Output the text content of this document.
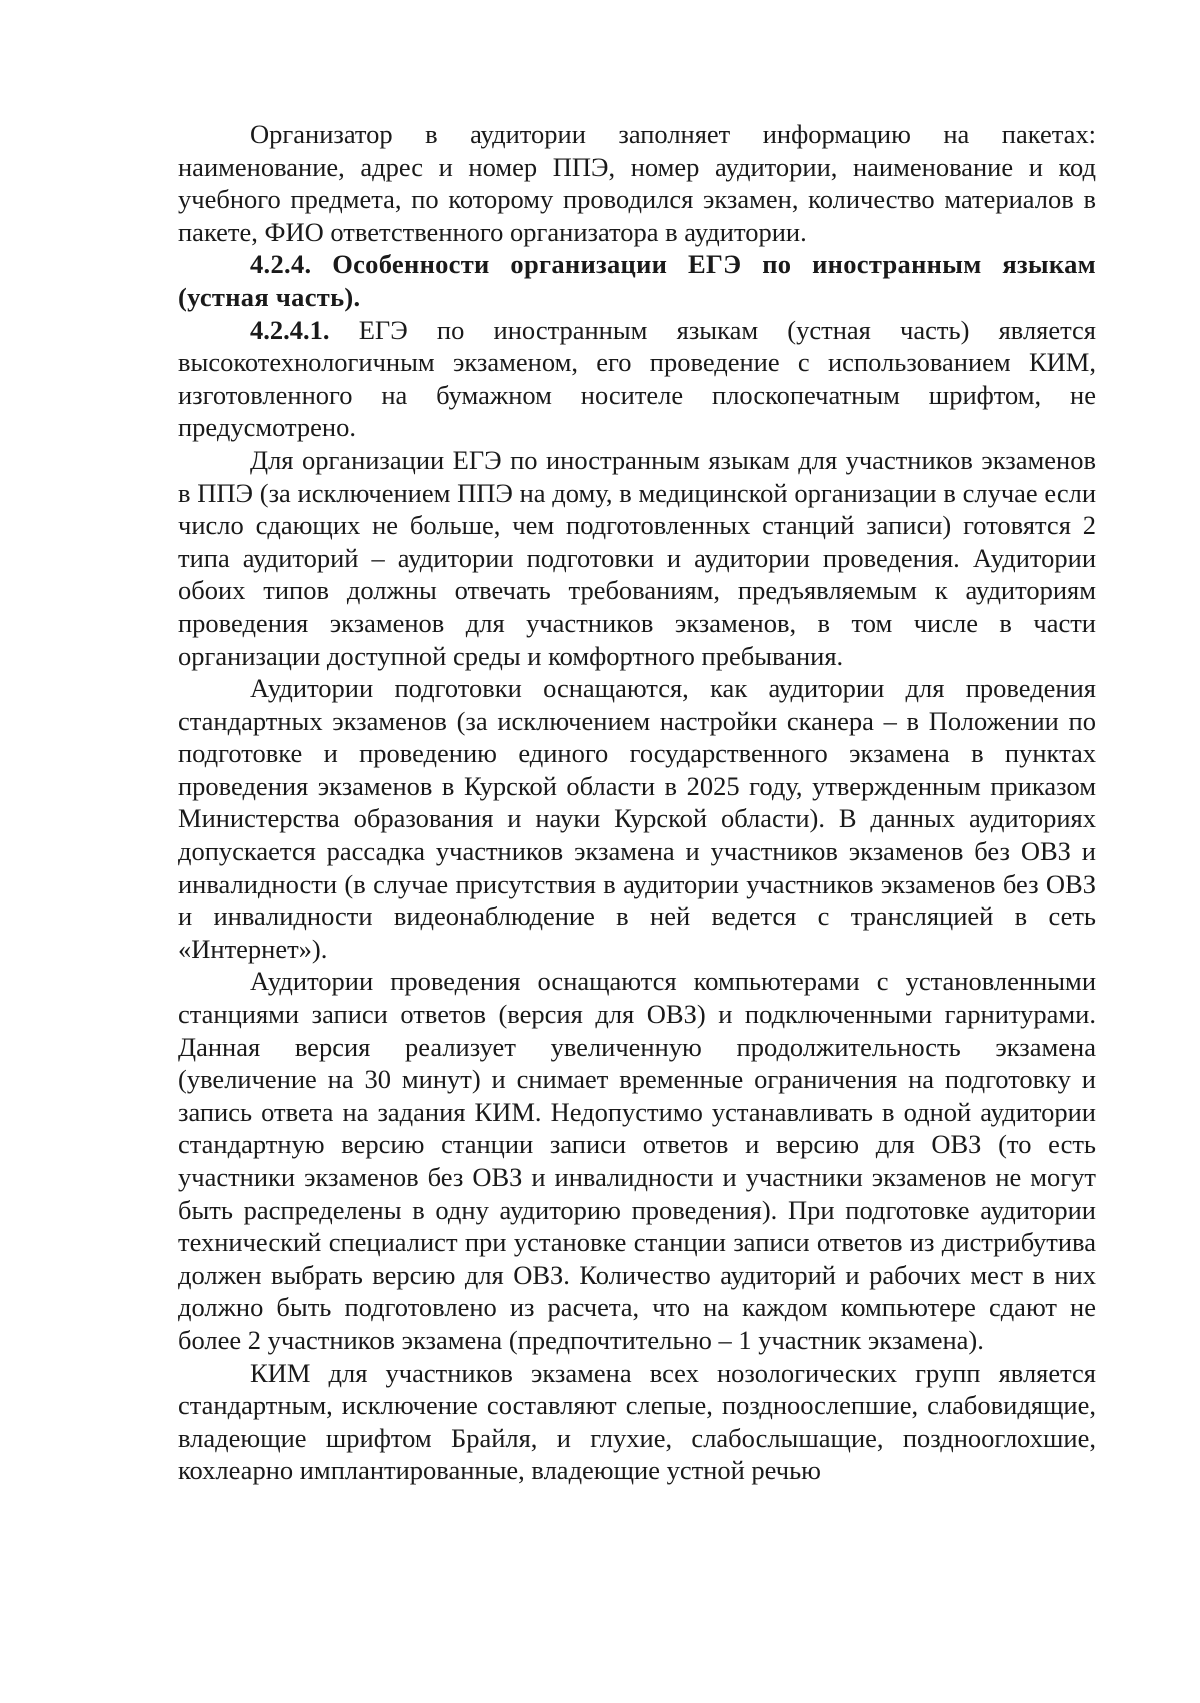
Организатор в аудитории заполняет информацию на пакетах: наименование, адрес и номер ППЭ, номер аудитории, наименование и код учебного предмета, по которому проводился экзамен, количество материалов в пакете, ФИО ответственного организатора в аудитории.

4.2.4. Особенности организации ЕГЭ по иностранным языкам (устная часть).

4.2.4.1. ЕГЭ по иностранным языкам (устная часть) является высокотехнологичным экзаменом, его проведение с использованием КИМ, изготовленного на бумажном носителе плоскопечатным шрифтом, не предусмотрено.

Для организации ЕГЭ по иностранным языкам для участников экзаменов в ППЭ (за исключением ППЭ на дому, в медицинской организации в случае если число сдающих не больше, чем подготовленных станций записи) готовятся 2 типа аудиторий – аудитории подготовки и аудитории проведения. Аудитории обоих типов должны отвечать требованиям, предъявляемым к аудиториям проведения экзаменов для участников экзаменов, в том числе в части организации доступной среды и комфортного пребывания.

Аудитории подготовки оснащаются, как аудитории для проведения стандартных экзаменов (за исключением настройки сканера – в Положении по подготовке и проведению единого государственного экзамена в пунктах проведения экзаменов в Курской области в 2025 году, утвержденным приказом Министерства образования и науки Курской области). В данных аудиториях допускается рассадка участников экзамена и участников экзаменов без ОВЗ и инвалидности (в случае присутствия в аудитории участников экзаменов без ОВЗ и инвалидности видеонаблюдение в ней ведется с трансляцией в сеть «Интернет»).

Аудитории проведения оснащаются компьютерами с установленными станциями записи ответов (версия для ОВЗ) и подключенными гарнитурами. Данная версия реализует увеличенную продолжительность экзамена (увеличение на 30 минут) и снимает временные ограничения на подготовку и запись ответа на задания КИМ. Недопустимо устанавливать в одной аудитории стандартную версию станции записи ответов и версию для ОВЗ (то есть участники экзаменов без ОВЗ и инвалидности и участники экзаменов не могут быть распределены в одну аудиторию проведения). При подготовке аудитории технический специалист при установке станции записи ответов из дистрибутива должен выбрать версию для ОВЗ. Количество аудиторий и рабочих мест в них должно быть подготовлено из расчета, что на каждом компьютере сдают не более 2 участников экзамена (предпочтительно – 1 участник экзамена).

КИМ для участников экзамена всех нозологических групп является стандартным, исключение составляют слепые, поздноослепшие, слабовидящие, владеющие шрифтом Брайля, и глухие, слабослышащие, позднооглохшие, кохлеарно имплантированные, владеющие устной речью
